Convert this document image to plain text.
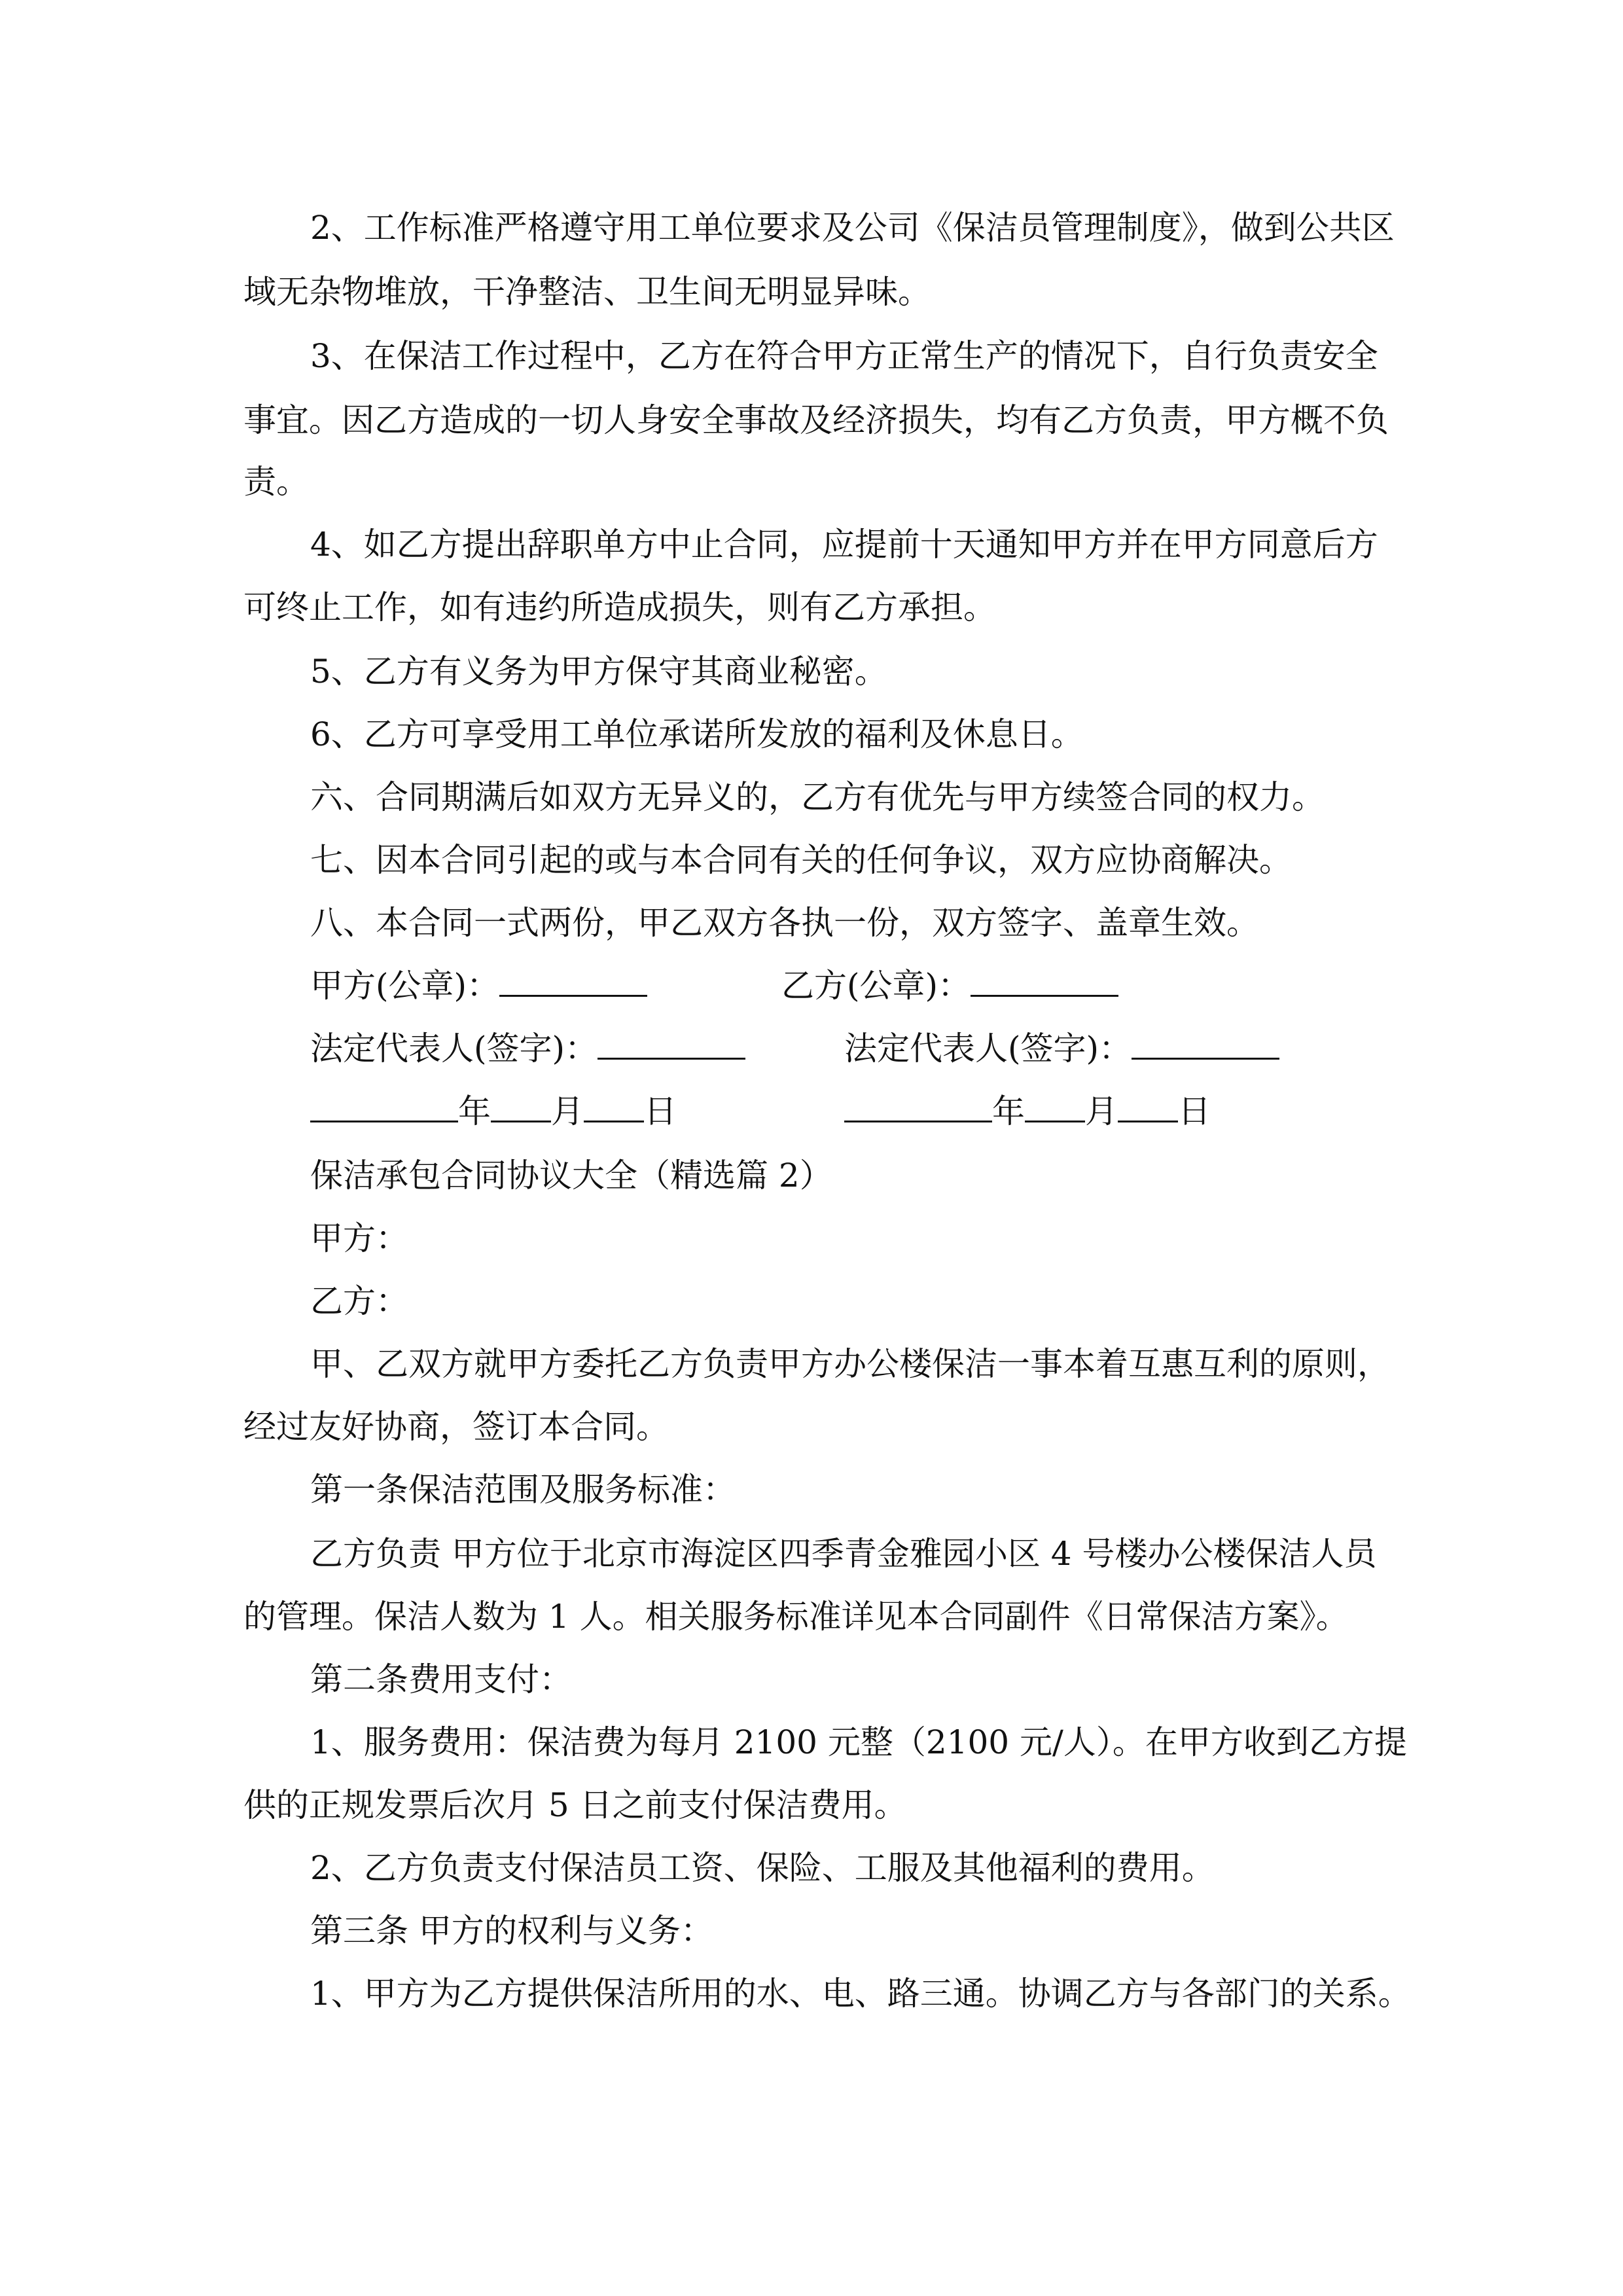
2、工作标准严格遵守用工单位要求及公司《保洁员管理制度》，做到公共区
域无杂物堆放，干净整洁、卫生间无明显异味。
3、在保洁工作过程中，乙方在符合甲方正常生产的情况下，自行负责安全
事宜。因乙方造成的一切人身安全事故及经济损失，均有乙方负责，甲方概不负
责。
4、如乙方提出辞职单方中止合同，应提前十天通知甲方并在甲方同意后方
可终止工作，如有违约所造成损失，则有乙方承担。
5、乙方有义务为甲方保守其商业秘密。
6、乙方可享受用工单位承诺所发放的福利及休息日。
六、合同期满后如双方无异义的，乙方有优先与甲方续签合同的权力。
七、因本合同引起的或与本合同有关的任何争议，双方应协商解决。
八、本合同一式两份，甲乙双方各执一份，双方签字、盖章生效。
甲方(公章)：	乙方(公章)：
法定代表人(签字)：	法定代表人(签字)：
年 月 日	年 月 日
保洁承包合同协议大全（精选篇 2）
甲方：
乙方：
甲、乙双方就甲方委托乙方负责甲方办公楼保洁一事本着互惠互利的原则，
经过友好协商，签订本合同。
第一条保洁范围及服务标准：
乙方负责 甲方位于北京市海淀区四季青金雅园小区 4 号楼办公楼保洁人员
的管理。保洁人数为 1 人。相关服务标准详见本合同副件《日常保洁方案》。
第二条费用支付：
1、服务费用：保洁费为每月 2100 元整（2100 元/人）。在甲方收到乙方提
供的正规发票后次月 5 日之前支付保洁费用。
2、乙方负责支付保洁员工资、保险、工服及其他福利的费用。
第三条 甲方的权利与义务：
1、甲方为乙方提供保洁所用的水、电、路三通。协调乙方与各部门的关系。
